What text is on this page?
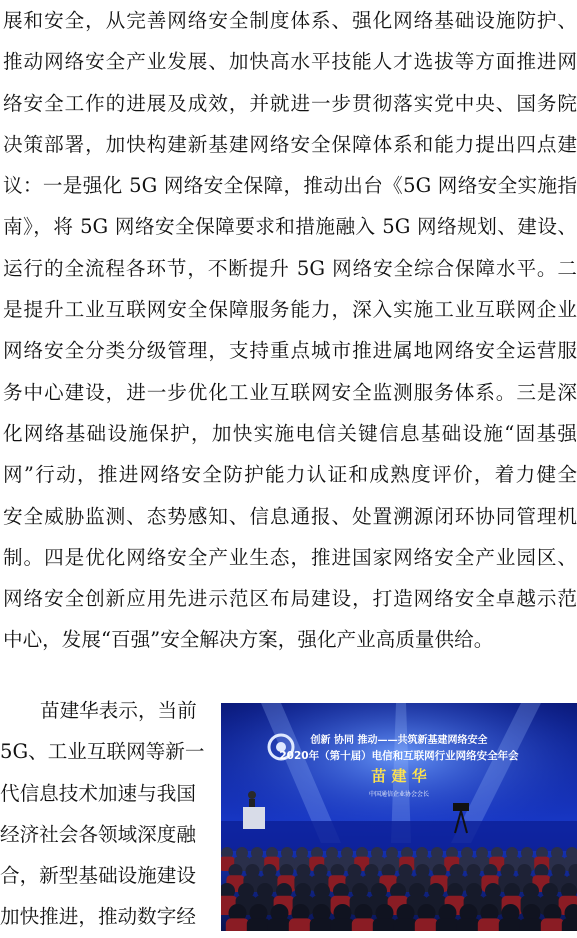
展和安全，从完善网络安全制度体系、强化网络基础设施防护、
推动网络安全产业发展、加快高水平技能人才选拔等方面推进网
络安全工作的进展及成效，并就进一步贯彻落实党中央、国务院
决策部署，加快构建新基建网络安全保障体系和能力提出四点建
议：一是强化 5G 网络安全保障，推动出台《5G 网络安全实施指
南》，将 5G 网络安全保障要求和措施融入 5G 网络规划、建设、
运行的全流程各环节，不断提升 5G 网络安全综合保障水平。二
是提升工业互联网安全保障服务能力，深入实施工业互联网企业
网络安全分类分级管理，支持重点城市推进属地网络安全运营服
务中心建设，进一步优化工业互联网安全监测服务体系。三是深
化网络基础设施保护，加快实施电信关键信息基础设施“固基强
网”行动，推进网络安全防护能力认证和成熟度评价，着力健全
安全威胁监测、态势感知、信息通报、处置溯源闭环协同管理机
制。四是优化网络安全产业生态，推进国家网络安全产业园区、
网络安全创新应用先进示范区布局建设，打造网络安全卓越示范
中心，发展“百强”安全解决方案，强化产业高质量供给。
苗建华表示，当前
5G、工业互联网等新一
代信息技术加速与我国
经济社会各领域深度融
合，新型基础设施建设
加快推进，推动数字经
创新 协同 推动——共筑新基建网络安全
2020年（第十届）电信和互联网行业网络安全年会
苗 建 华
中国通信企业协会会长
